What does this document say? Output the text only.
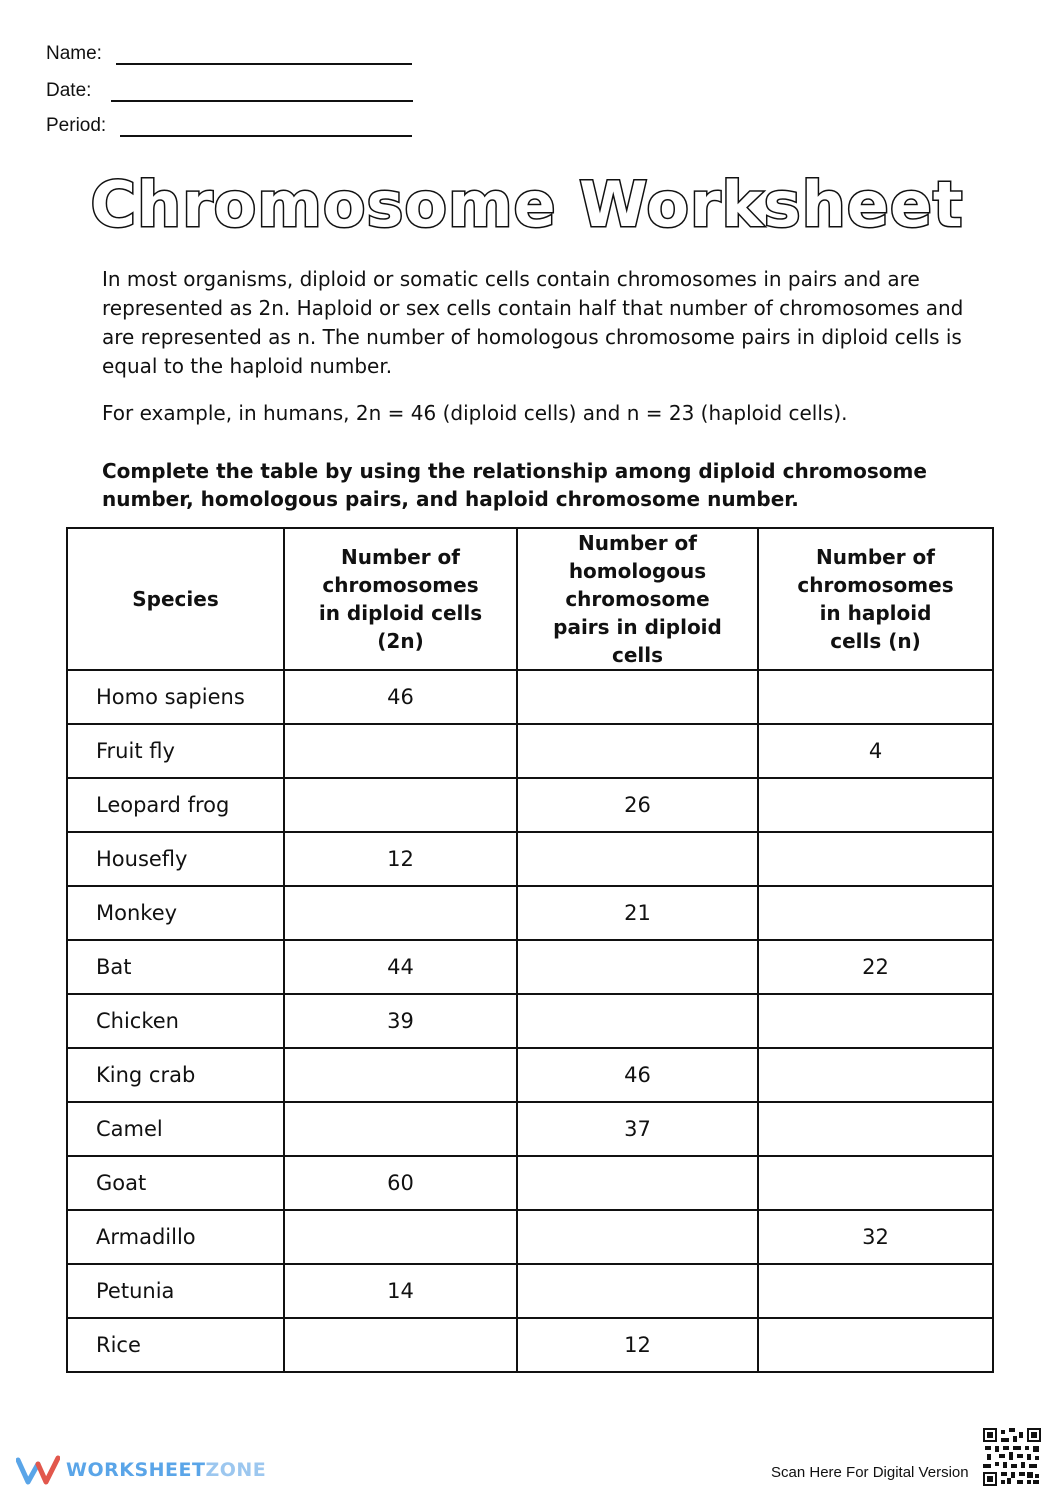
Name:
Date:
Period:
Chromosome Worksheet
In most organisms, diploid or somatic cells contain chromosomes in pairs and are represented as 2n. Haploid or sex cells contain half that number of chromosomes and are represented as n. The number of homologous chromosome pairs in diploid cells is equal to the haploid number.
For example, in humans, 2n = 46 (diploid cells) and n = 23 (haploid cells).
Complete the table by using the relationship among diploid chromosome number, homologous pairs, and haploid chromosome number.
Species	Number of chromosomes in diploid cells (2n)	Number of homologous chromosome pairs in diploid cells	Number of chromosomes in haploid cells (n)
Homo sapiens	46		
Fruit fly			4
Leopard frog		26	
Housefly	12		
Monkey		21	
Bat	44		22
Chicken	39		
King crab		46	
Camel		37	
Goat	60		
Armadillo			32
Petunia	14		
Rice		12	
WORKSHEETZONE	Scan Here For Digital Version
